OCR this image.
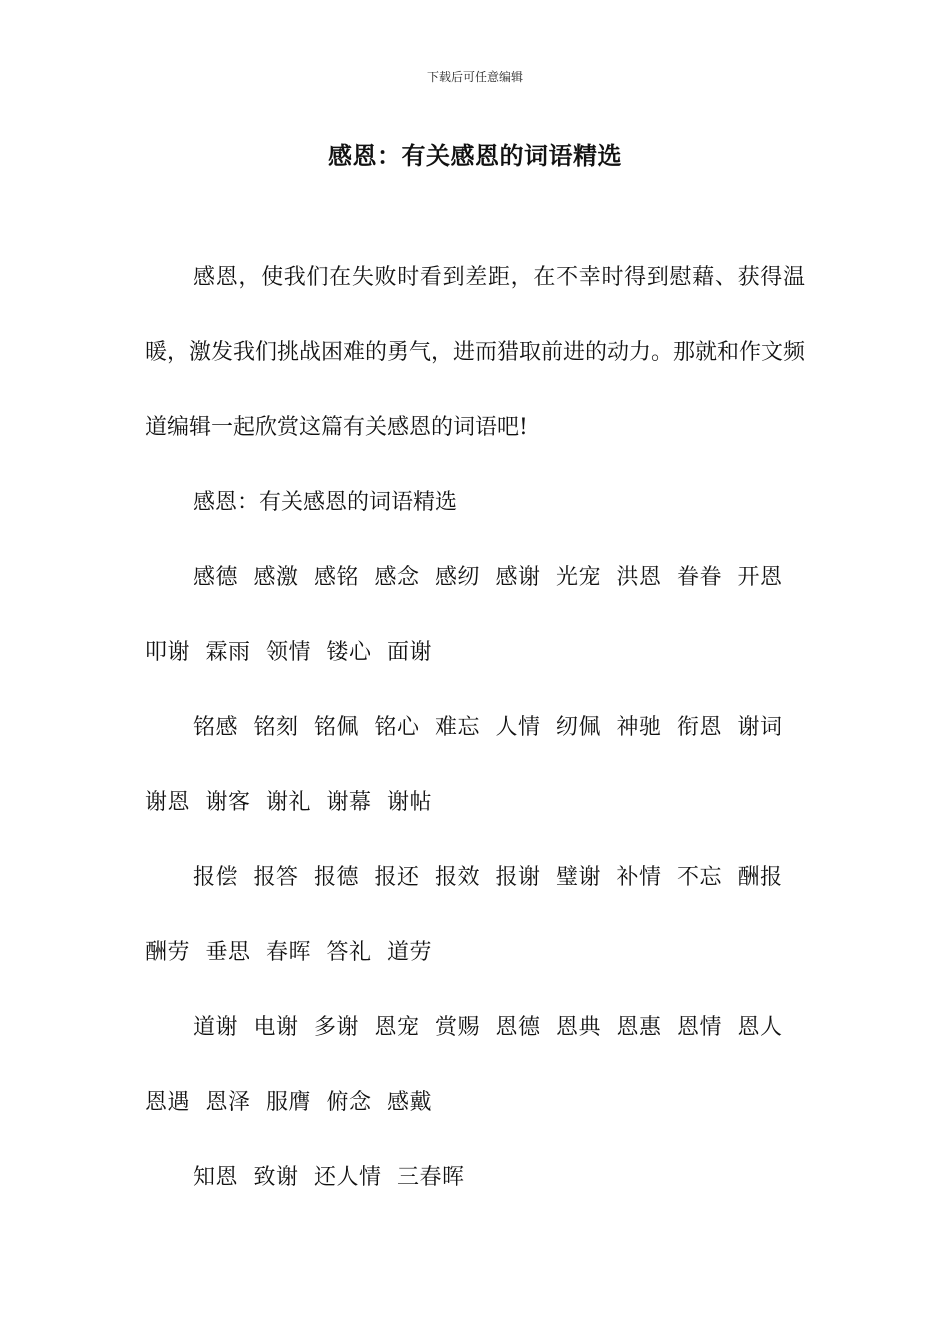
下载后可任意编辑
感恩：有关感恩的词语精选

感恩，使我们在失败时看到差距，在不幸时得到慰藉、获得温暖，激发我们挑战困难的勇气，进而猎取前进的动力。那就和作文频道编辑一起欣赏这篇有关感恩的词语吧!

感恩：有关感恩的词语精选

感德 感激 感铭 感念 感纫 感谢 光宠 洪恩 眷眷 开恩 叩谢 霖雨 领情 镂心 面谢

铭感 铭刻 铭佩 铭心 难忘 人情 纫佩 神驰 衔恩 谢词 谢恩 谢客 谢礼 谢幕 谢帖

报偿 报答 报德 报还 报效 报谢 璧谢 补情 不忘 酬报 酬劳 垂思 春晖 答礼 道劳

道谢 电谢 多谢 恩宠 赏赐 恩德 恩典 恩惠 恩情 恩人 恩遇 恩泽 服膺 俯念 感戴

知恩 致谢 还人情 三春晖
